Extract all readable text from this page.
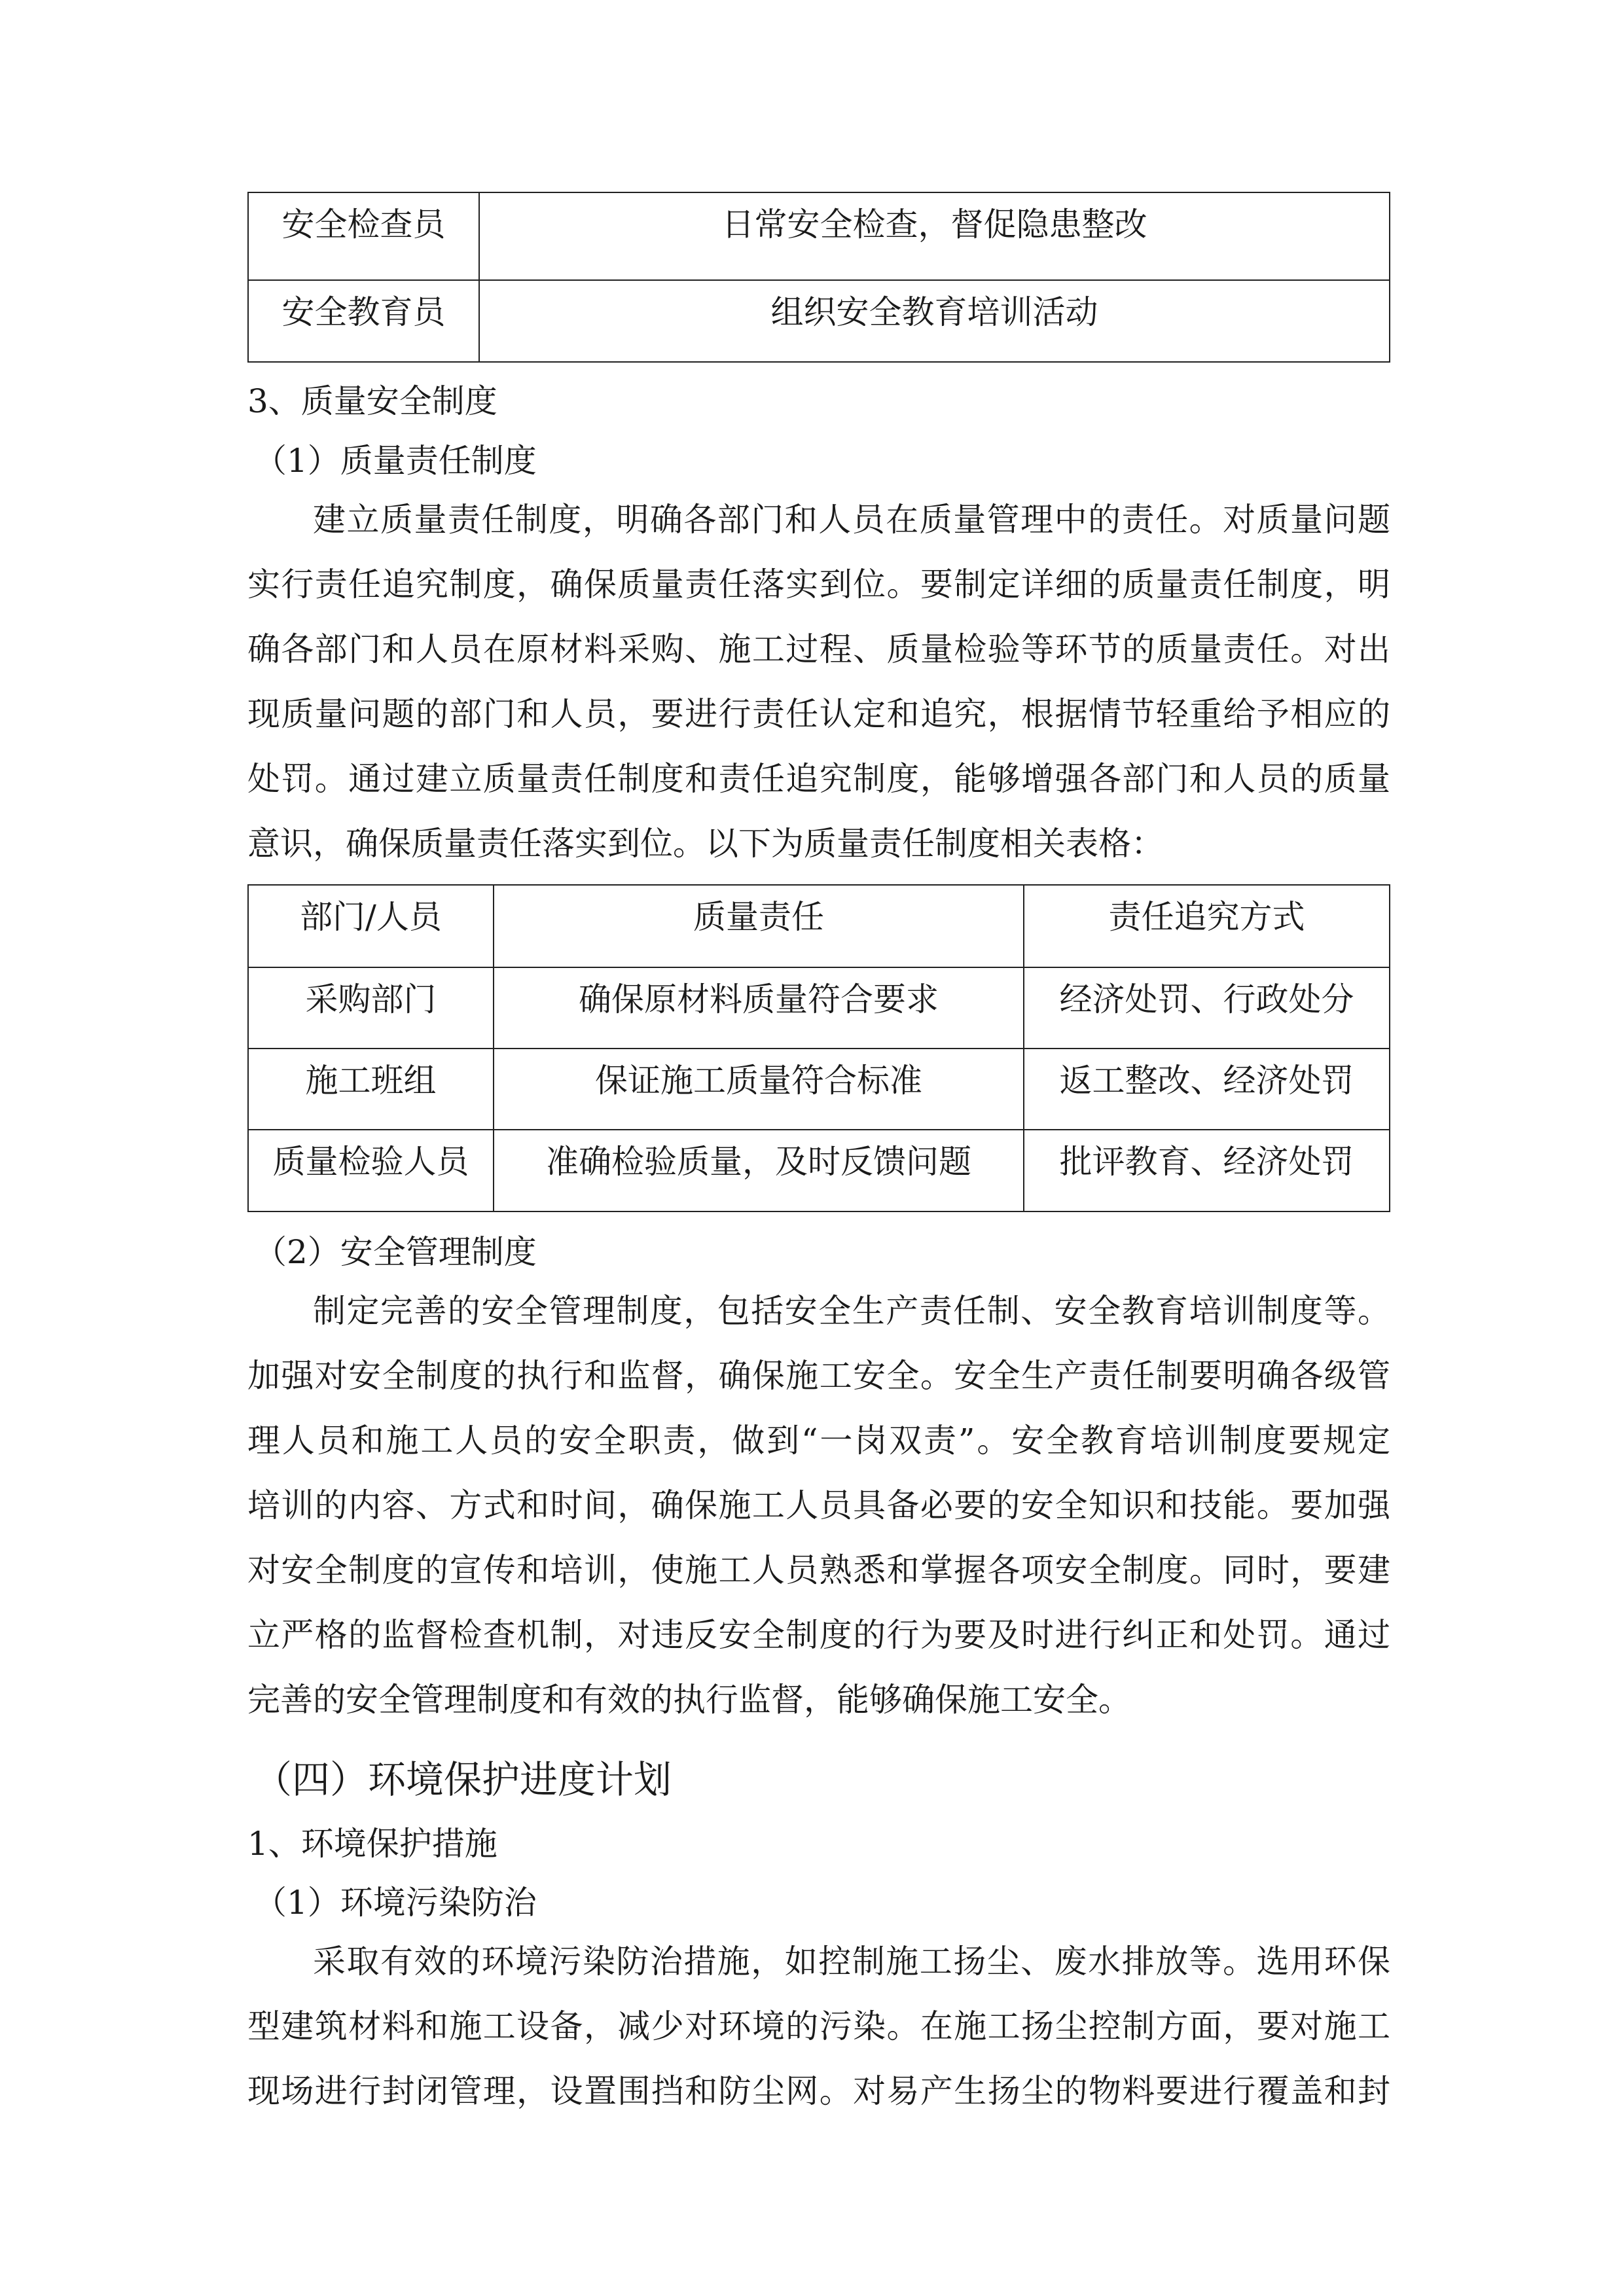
安全检查员	日常安全检查，督促隐患整改
安全教育员	组织安全教育培训活动
3、质量安全制度
（1）质量责任制度
建立质量责任制度，明确各部门和人员在质量管理中的责任。对质量问题
实行责任追究制度，确保质量责任落实到位。要制定详细的质量责任制度，明
确各部门和人员在原材料采购、施工过程、质量检验等环节的质量责任。对出
现质量问题的部门和人员，要进行责任认定和追究，根据情节轻重给予相应的
处罚。通过建立质量责任制度和责任追究制度，能够增强各部门和人员的质量
意识，确保质量责任落实到位。以下为质量责任制度相关表格：
部门/人员	质量责任	责任追究方式
采购部门	确保原材料质量符合要求	经济处罚、行政处分
施工班组	保证施工质量符合标准	返工整改、经济处罚
质量检验人员	准确检验质量，及时反馈问题	批评教育、经济处罚
（2）安全管理制度
制定完善的安全管理制度，包括安全生产责任制、安全教育培训制度等。
加强对安全制度的执行和监督，确保施工安全。安全生产责任制要明确各级管
理人员和施工人员的安全职责，做到“一岗双责”。安全教育培训制度要规定
培训的内容、方式和时间，确保施工人员具备必要的安全知识和技能。要加强
对安全制度的宣传和培训，使施工人员熟悉和掌握各项安全制度。同时，要建
立严格的监督检查机制，对违反安全制度的行为要及时进行纠正和处罚。通过
完善的安全管理制度和有效的执行监督，能够确保施工安全。
（四）环境保护进度计划
1、环境保护措施
（1）环境污染防治
采取有效的环境污染防治措施，如控制施工扬尘、废水排放等。选用环保
型建筑材料和施工设备，减少对环境的污染。在施工扬尘控制方面，要对施工
现场进行封闭管理，设置围挡和防尘网。对易产生扬尘的物料要进行覆盖和封
